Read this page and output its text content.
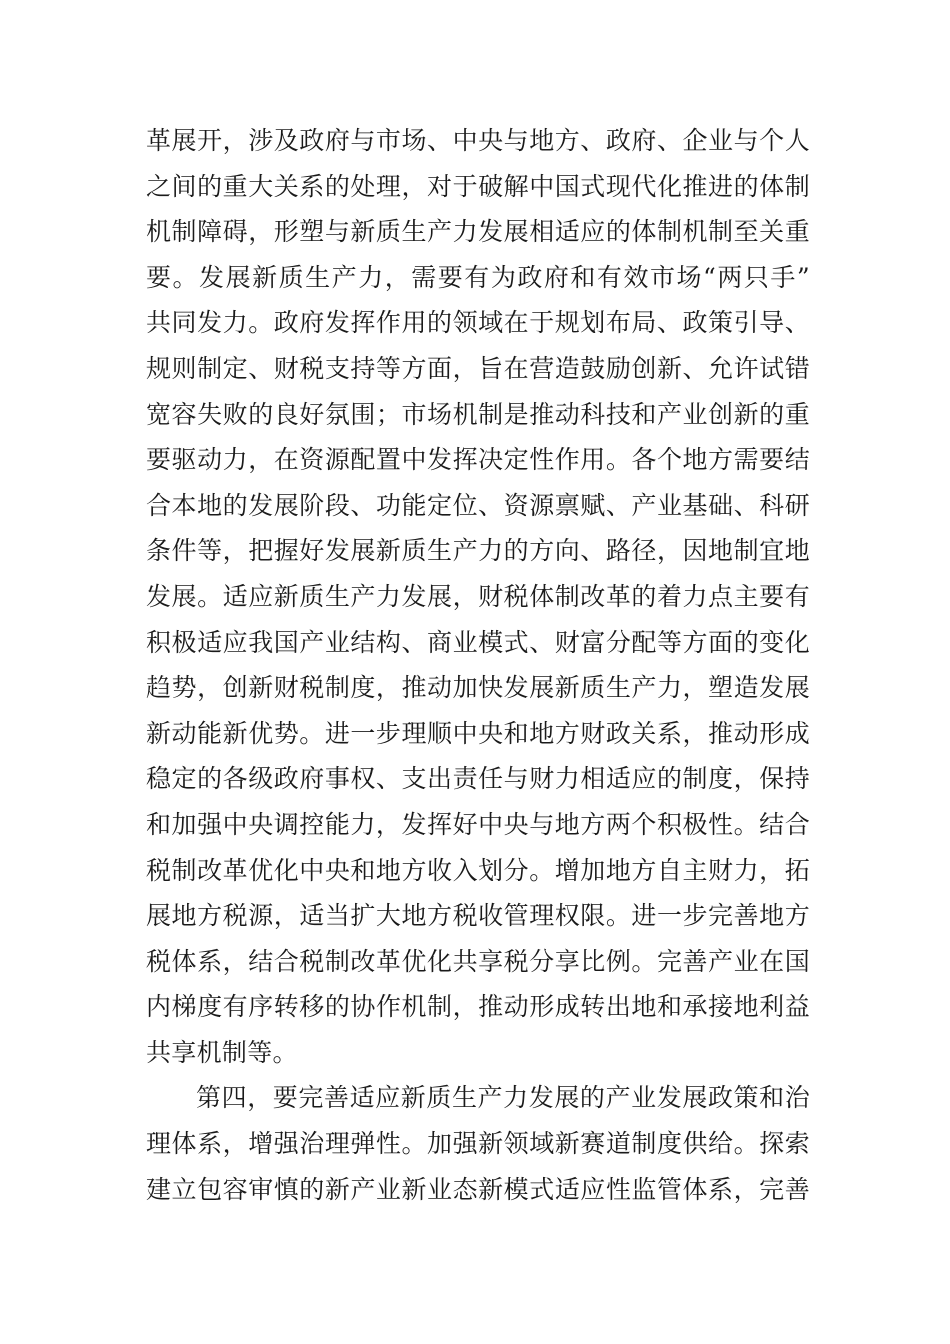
革展开，涉及政府与市场、中央与地方、政府、企业与个人
之间的重大关系的处理，对于破解中国式现代化推进的体制
机制障碍，形塑与新质生产力发展相适应的体制机制至关重
要。发展新质生产力，需要有为政府和有效市场“两只手”
共同发力。政府发挥作用的领域在于规划布局、政策引导、
规则制定、财税支持等方面，旨在营造鼓励创新、允许试错
宽容失败的良好氛围；市场机制是推动科技和产业创新的重
要驱动力，在资源配置中发挥决定性作用。各个地方需要结
合本地的发展阶段、功能定位、资源禀赋、产业基础、科研
条件等，把握好发展新质生产力的方向、路径，因地制宜地
发展。适应新质生产力发展，财税体制改革的着力点主要有
积极适应我国产业结构、商业模式、财富分配等方面的变化
趋势，创新财税制度，推动加快发展新质生产力，塑造发展
新动能新优势。进一步理顺中央和地方财政关系，推动形成
稳定的各级政府事权、支出责任与财力相适应的制度，保持
和加强中央调控能力，发挥好中央与地方两个积极性。结合
税制改革优化中央和地方收入划分。增加地方自主财力，拓
展地方税源，适当扩大地方税收管理权限。进一步完善地方
税体系，结合税制改革优化共享税分享比例。完善产业在国
内梯度有序转移的协作机制，推动形成转出地和承接地利益
共享机制等。
第四，要完善适应新质生产力发展的产业发展政策和治
理体系，增强治理弹性。加强新领域新赛道制度供给。探索
建立包容审慎的新产业新业态新模式适应性监管体系，完善
